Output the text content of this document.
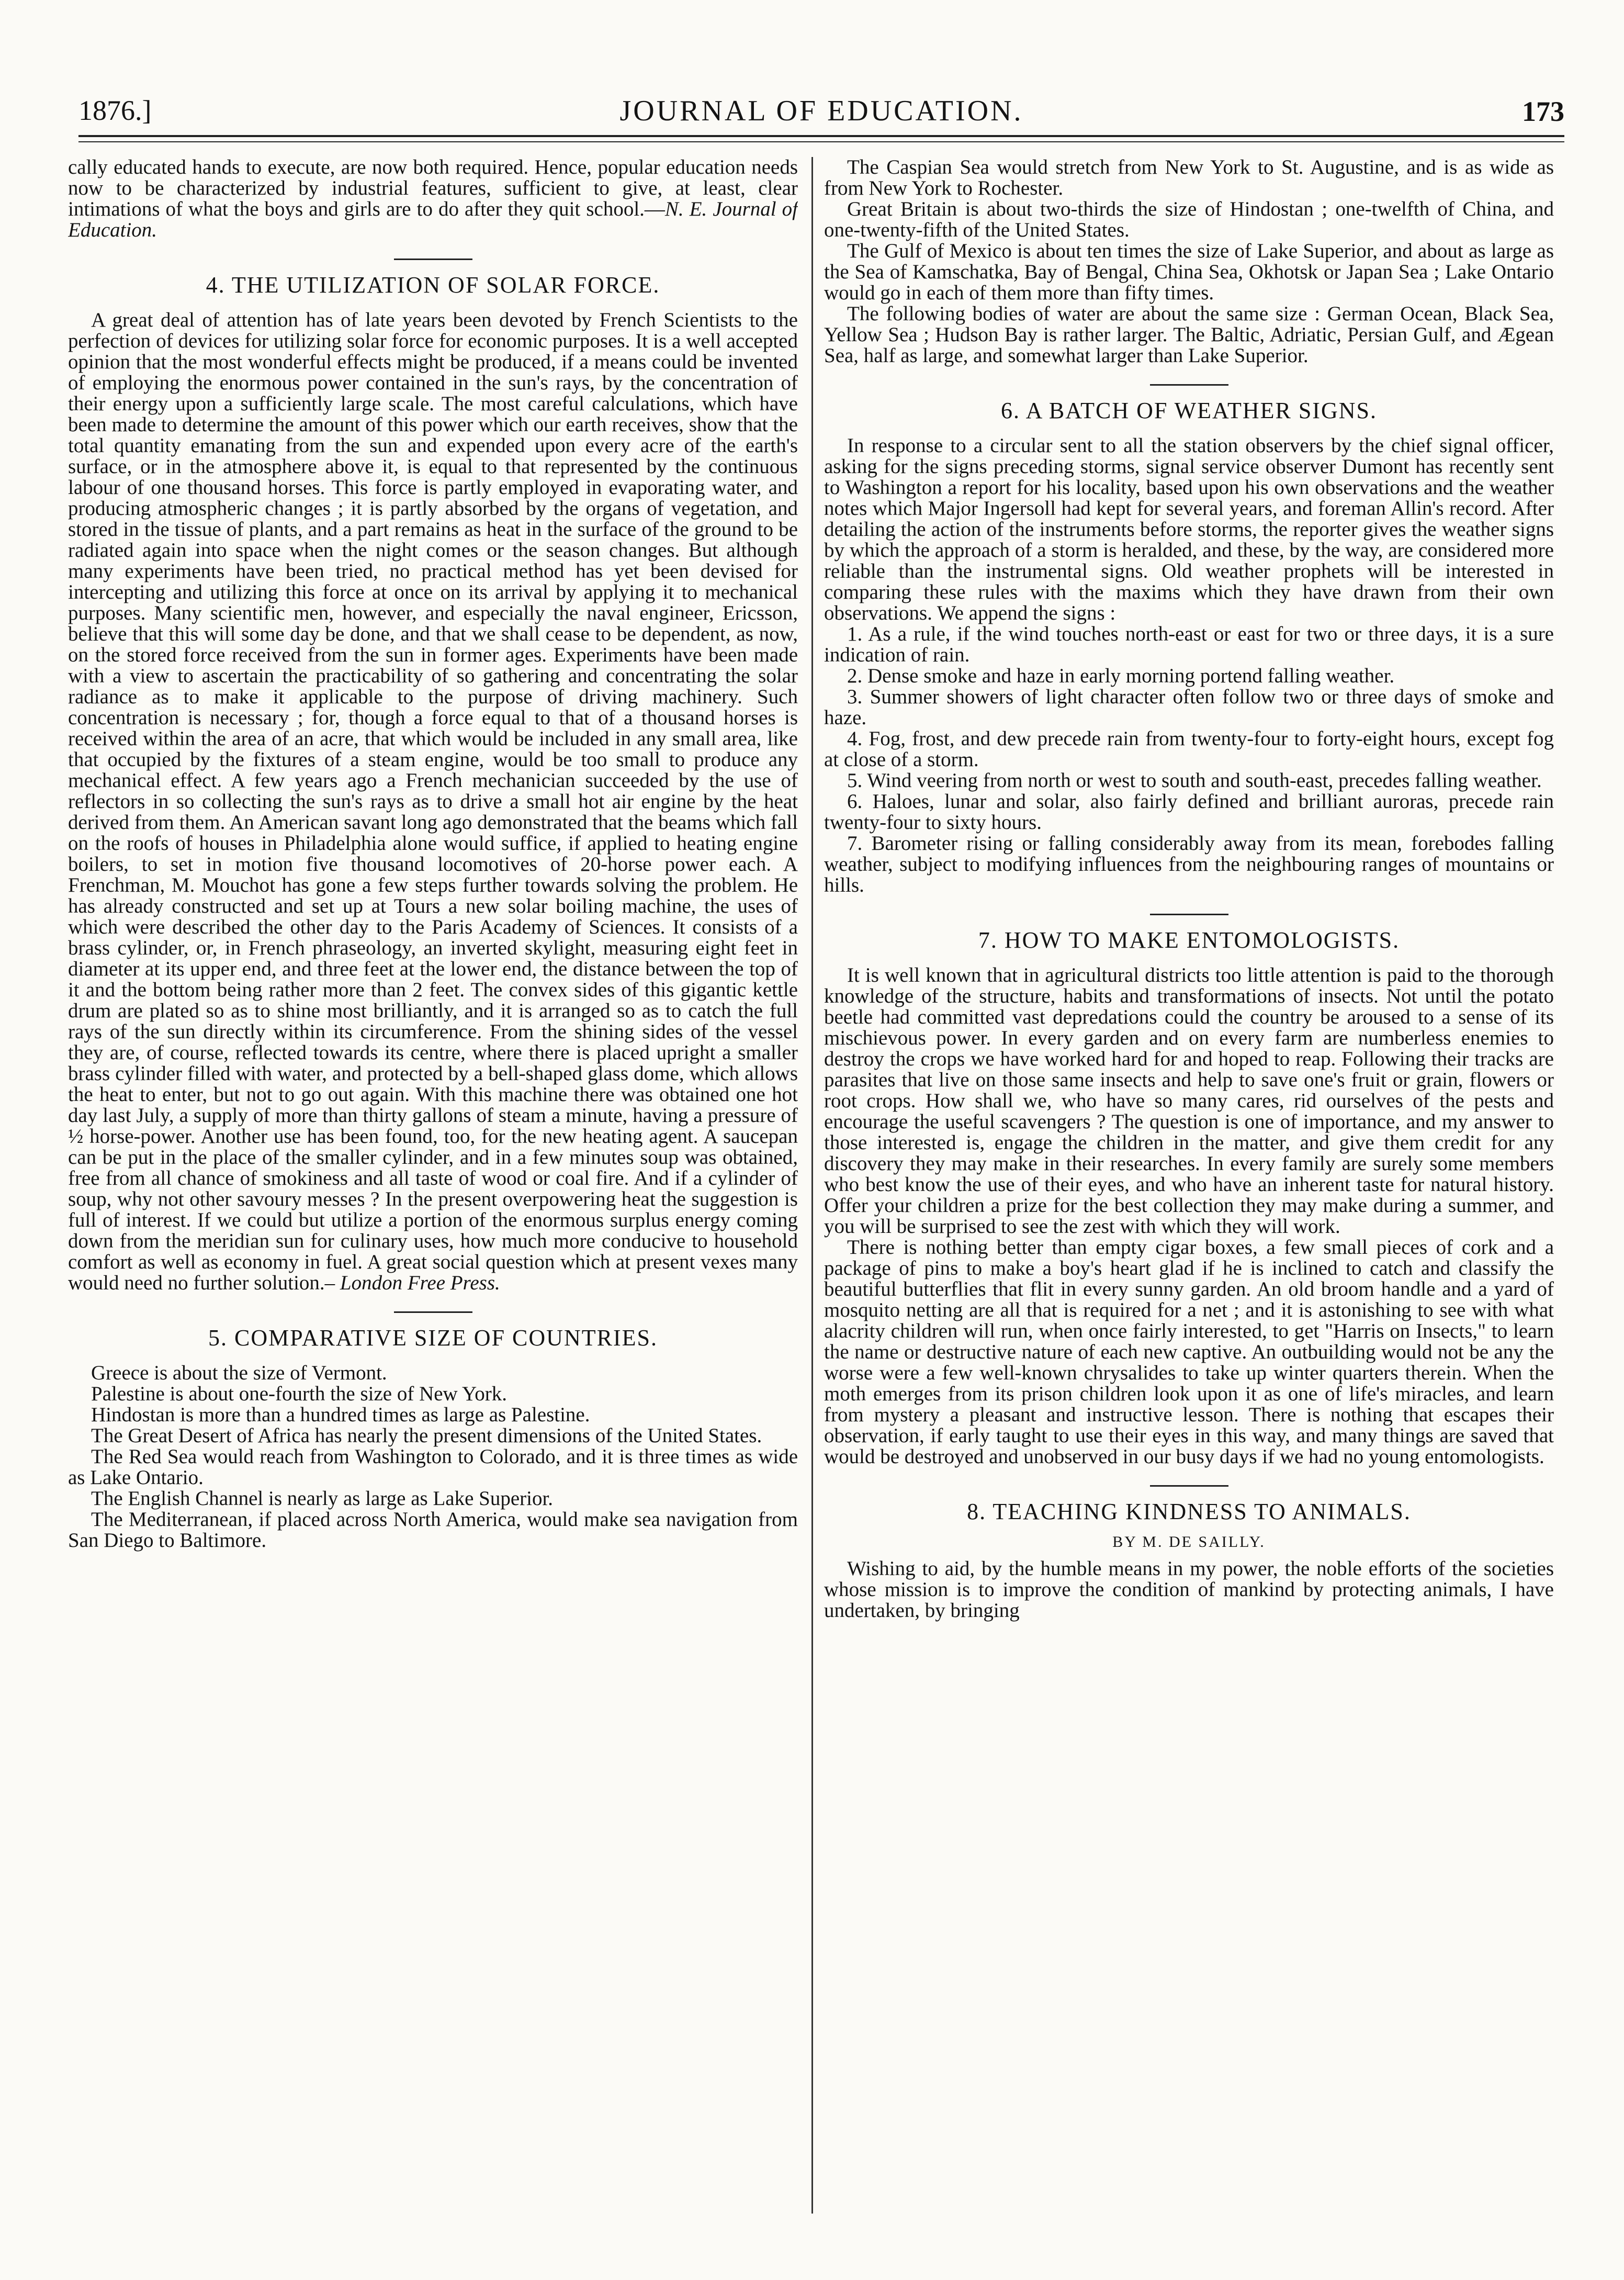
1876.]	JOURNAL OF EDUCATION.	173

cally educated hands to execute, are now both required. Hence, popular education needs now to be characterized by industrial features, sufficient to give, at least, clear intimations of what the boys and girls are to do after they quit school.—N. E. Journal of Education.

4. THE UTILIZATION OF SOLAR FORCE.

A great deal of attention has of late years been devoted by French Scientists to the perfection of devices for utilizing solar force for economic purposes. It is a well accepted opinion that the most wonderful effects might be produced, if a means could be invented of employing the enormous power contained in the sun's rays, by the concentration of their energy upon a sufficiently large scale. The most careful calculations, which have been made to determine the amount of this power which our earth receives, show that the total quantity emanating from the sun and expended upon every acre of the earth's surface, or in the atmosphere above it, is equal to that represented by the continuous labour of one thousand horses. This force is partly employed in evaporating water, and producing atmospheric changes ; it is partly absorbed by the organs of vegetation, and stored in the tissue of plants, and a part remains as heat in the surface of the ground to be radiated again into space when the night comes or the season changes. But although many experiments have been tried, no practical method has yet been devised for intercepting and utilizing this force at once on its arrival by applying it to mechanical purposes. Many scientific men, however, and especially the naval engineer, Ericsson, believe that this will some day be done, and that we shall cease to be dependent, as now, on the stored force received from the sun in former ages. Experiments have been made with a view to ascertain the practicability of so gathering and concentrating the solar radiance as to make it applicable to the purpose of driving machinery. Such concentration is necessary ; for, though a force equal to that of a thousand horses is received within the area of an acre, that which would be included in any small area, like that occupied by the fixtures of a steam engine, would be too small to produce any mechanical effect. A few years ago a French mechanician succeeded by the use of reflectors in so collecting the sun's rays as to drive a small hot air engine by the heat derived from them. An American savant long ago demonstrated that the beams which fall on the roofs of houses in Philadelphia alone would suffice, if applied to heating engine boilers, to set in motion five thousand locomotives of 20-horse power each. A Frenchman, M. Mouchot has gone a few steps further towards solving the problem. He has already constructed and set up at Tours a new solar boiling machine, the uses of which were described the other day to the Paris Academy of Sciences. It consists of a brass cylinder, or, in French phraseology, an inverted skylight, measuring eight feet in diameter at its upper end, and three feet at the lower end, the distance between the top of it and the bottom being rather more than 2 feet. The convex sides of this gigantic kettle drum are plated so as to shine most brilliantly, and it is arranged so as to catch the full rays of the sun directly within its circumference. From the shining sides of the vessel they are, of course, reflected towards its centre, where there is placed upright a smaller brass cylinder filled with water, and protected by a bell-shaped glass dome, which allows the heat to enter, but not to go out again. With this machine there was obtained one hot day last July, a supply of more than thirty gallons of steam a minute, having a pressure of ½ horse-power. Another use has been found, too, for the new heating agent. A saucepan can be put in the place of the smaller cylinder, and in a few minutes soup was obtained, free from all chance of smokiness and all taste of wood or coal fire. And if a cylinder of soup, why not other savoury messes ? In the present overpowering heat the suggestion is full of interest. If we could but utilize a portion of the enormous surplus energy coming down from the meridian sun for culinary uses, how much more conducive to household comfort as well as economy in fuel. A great social question which at present vexes many would need no further solution.– London Free Press.

5. COMPARATIVE SIZE OF COUNTRIES.

Greece is about the size of Vermont.

Palestine is about one-fourth the size of New York.

Hindostan is more than a hundred times as large as Palestine.

The Great Desert of Africa has nearly the present dimensions of the United States.

The Red Sea would reach from Washington to Colorado, and it is three times as wide as Lake Ontario.

The English Channel is nearly as large as Lake Superior.

The Mediterranean, if placed across North America, would make sea navigation from San Diego to Baltimore.

The Caspian Sea would stretch from New York to St. Augustine, and is as wide as from New York to Rochester.

Great Britain is about two-thirds the size of Hindostan ; one-twelfth of China, and one-twenty-fifth of the United States.

The Gulf of Mexico is about ten times the size of Lake Superior, and about as large as the Sea of Kamschatka, Bay of Bengal, China Sea, Okhotsk or Japan Sea ; Lake Ontario would go in each of them more than fifty times.

The following bodies of water are about the same size : German Ocean, Black Sea, Yellow Sea ; Hudson Bay is rather larger. The Baltic, Adriatic, Persian Gulf, and Ægean Sea, half as large, and somewhat larger than Lake Superior.

6. A BATCH OF WEATHER SIGNS.

In response to a circular sent to all the station observers by the chief signal officer, asking for the signs preceding storms, signal service observer Dumont has recently sent to Washington a report for his locality, based upon his own observations and the weather notes which Major Ingersoll had kept for several years, and foreman Allin's record. After detailing the action of the instruments before storms, the reporter gives the weather signs by which the approach of a storm is heralded, and these, by the way, are considered more reliable than the instrumental signs. Old weather prophets will be interested in comparing these rules with the maxims which they have drawn from their own observations. We append the signs :

1. As a rule, if the wind touches north-east or east for two or three days, it is a sure indication of rain.

2. Dense smoke and haze in early morning portend falling weather.

3. Summer showers of light character often follow two or three days of smoke and haze.

4. Fog, frost, and dew precede rain from twenty-four to forty-eight hours, except fog at close of a storm.

5. Wind veering from north or west to south and south-east, precedes falling weather.

6. Haloes, lunar and solar, also fairly defined and brilliant auroras, precede rain twenty-four to sixty hours.

7. Barometer rising or falling considerably away from its mean, forebodes falling weather, subject to modifying influences from the neighbouring ranges of mountains or hills.

7. HOW TO MAKE ENTOMOLOGISTS.

It is well known that in agricultural districts too little attention is paid to the thorough knowledge of the structure, habits and transformations of insects. Not until the potato beetle had committed vast depredations could the country be aroused to a sense of its mischievous power. In every garden and on every farm are numberless enemies to destroy the crops we have worked hard for and hoped to reap. Following their tracks are parasites that live on those same insects and help to save one's fruit or grain, flowers or root crops. How shall we, who have so many cares, rid ourselves of the pests and encourage the useful scavengers ? The question is one of importance, and my answer to those interested is, engage the children in the matter, and give them credit for any discovery they may make in their researches. In every family are surely some members who best know the use of their eyes, and who have an inherent taste for natural history. Offer your children a prize for the best collection they may make during a summer, and you will be surprised to see the zest with which they will work.

There is nothing better than empty cigar boxes, a few small pieces of cork and a package of pins to make a boy's heart glad if he is inclined to catch and classify the beautiful butterflies that flit in every sunny garden. An old broom handle and a yard of mosquito netting are all that is required for a net ; and it is astonishing to see with what alacrity children will run, when once fairly interested, to get "Harris on Insects," to learn the name or destructive nature of each new captive. An outbuilding would not be any the worse were a few well-known chrysalides to take up winter quarters therein. When the moth emerges from its prison children look upon it as one of life's miracles, and learn from mystery a pleasant and instructive lesson. There is nothing that escapes their observation, if early taught to use their eyes in this way, and many things are saved that would be destroyed and unobserved in our busy days if we had no young entomologists.

8. TEACHING KINDNESS TO ANIMALS.
BY M. DE SAILLY.

Wishing to aid, by the humble means in my power, the noble efforts of the societies whose mission is to improve the condition of mankind by protecting animals, I have undertaken, by bringing
